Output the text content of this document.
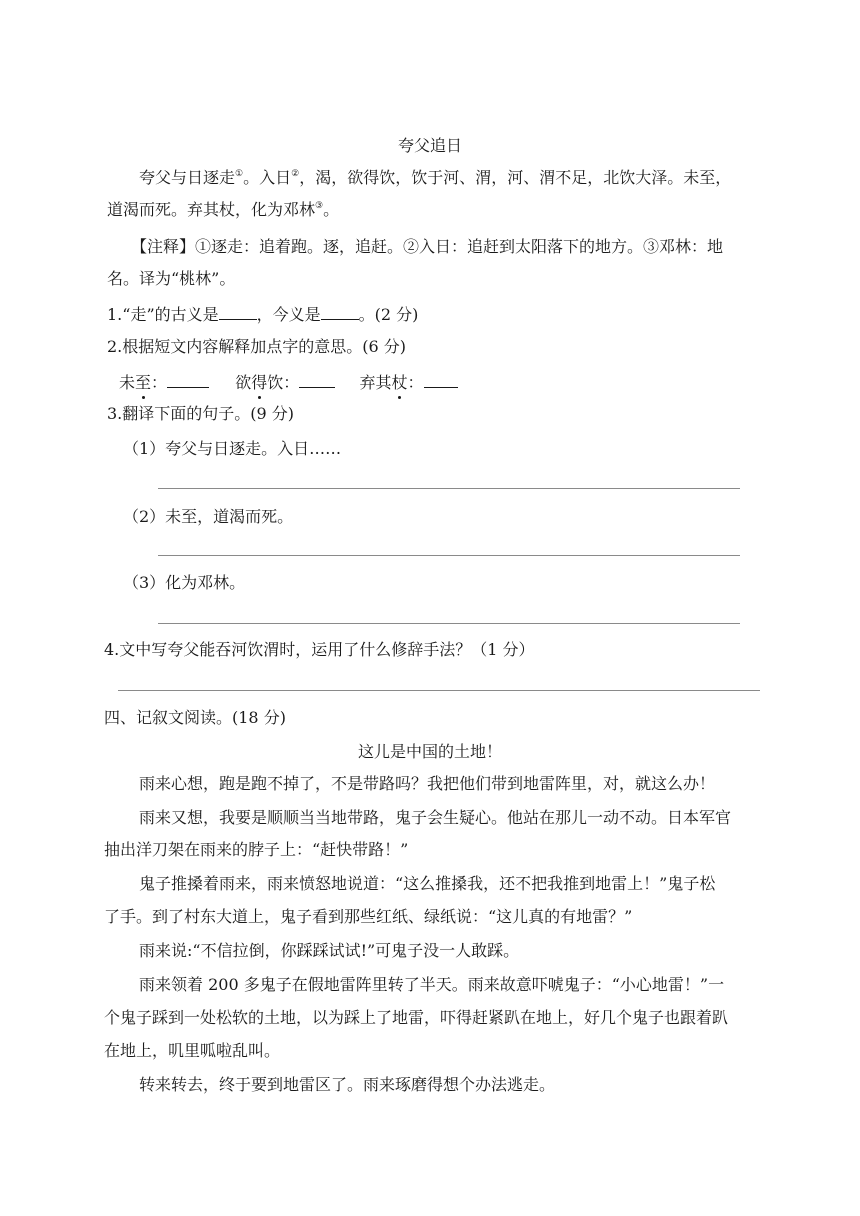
夸父追日
夸父与日逐走①。入日②，渴，欲得饮，饮于河、渭，河、渭不足，北饮大泽。未至，
道渴而死。弃其杖，化为邓林③。
【注释】①逐走：追着跑。逐，追赶。②入日：追赶到太阳落下的地方。③邓林：地
名。译为“桃林”。
1.“走”的古义是 ，今义是 。(2 分)
2.根据短文内容解释加点字的意思。(6 分)
未至：	欲得饮：	弃其杖：
3.翻译下面的句子。(9 分)
（1）夸父与日逐走。入日……
（2）未至，道渴而死。
（3）化为邓林。
4.文中写夸父能吞河饮渭时，运用了什么修辞手法？（1 分）
四、记叙文阅读。(18 分)
这儿是中国的土地！
雨来心想，跑是跑不掉了，不是带路吗？我把他们带到地雷阵里，对，就这么办！
雨来又想，我要是顺顺当当地带路，鬼子会生疑心。他站在那儿一动不动。日本军官
抽出洋刀架在雨来的脖子上：“赶快带路！”
鬼子推搡着雨来，雨来愤怒地说道：“这么推搡我，还不把我推到地雷上！”鬼子松
了手。到了村东大道上，鬼子看到那些红纸、绿纸说：“这儿真的有地雷？”
雨来说:“不信拉倒，你踩踩试试!”可鬼子没一人敢踩。
雨来领着 200 多鬼子在假地雷阵里转了半天。雨来故意吓唬鬼子：“小心地雷！”一
个鬼子踩到一处松软的土地，以为踩上了地雷，吓得赶紧趴在地上，好几个鬼子也跟着趴
在地上，叽里呱啦乱叫。
转来转去，终于要到地雷区了。雨来琢磨得想个办法逃走。
